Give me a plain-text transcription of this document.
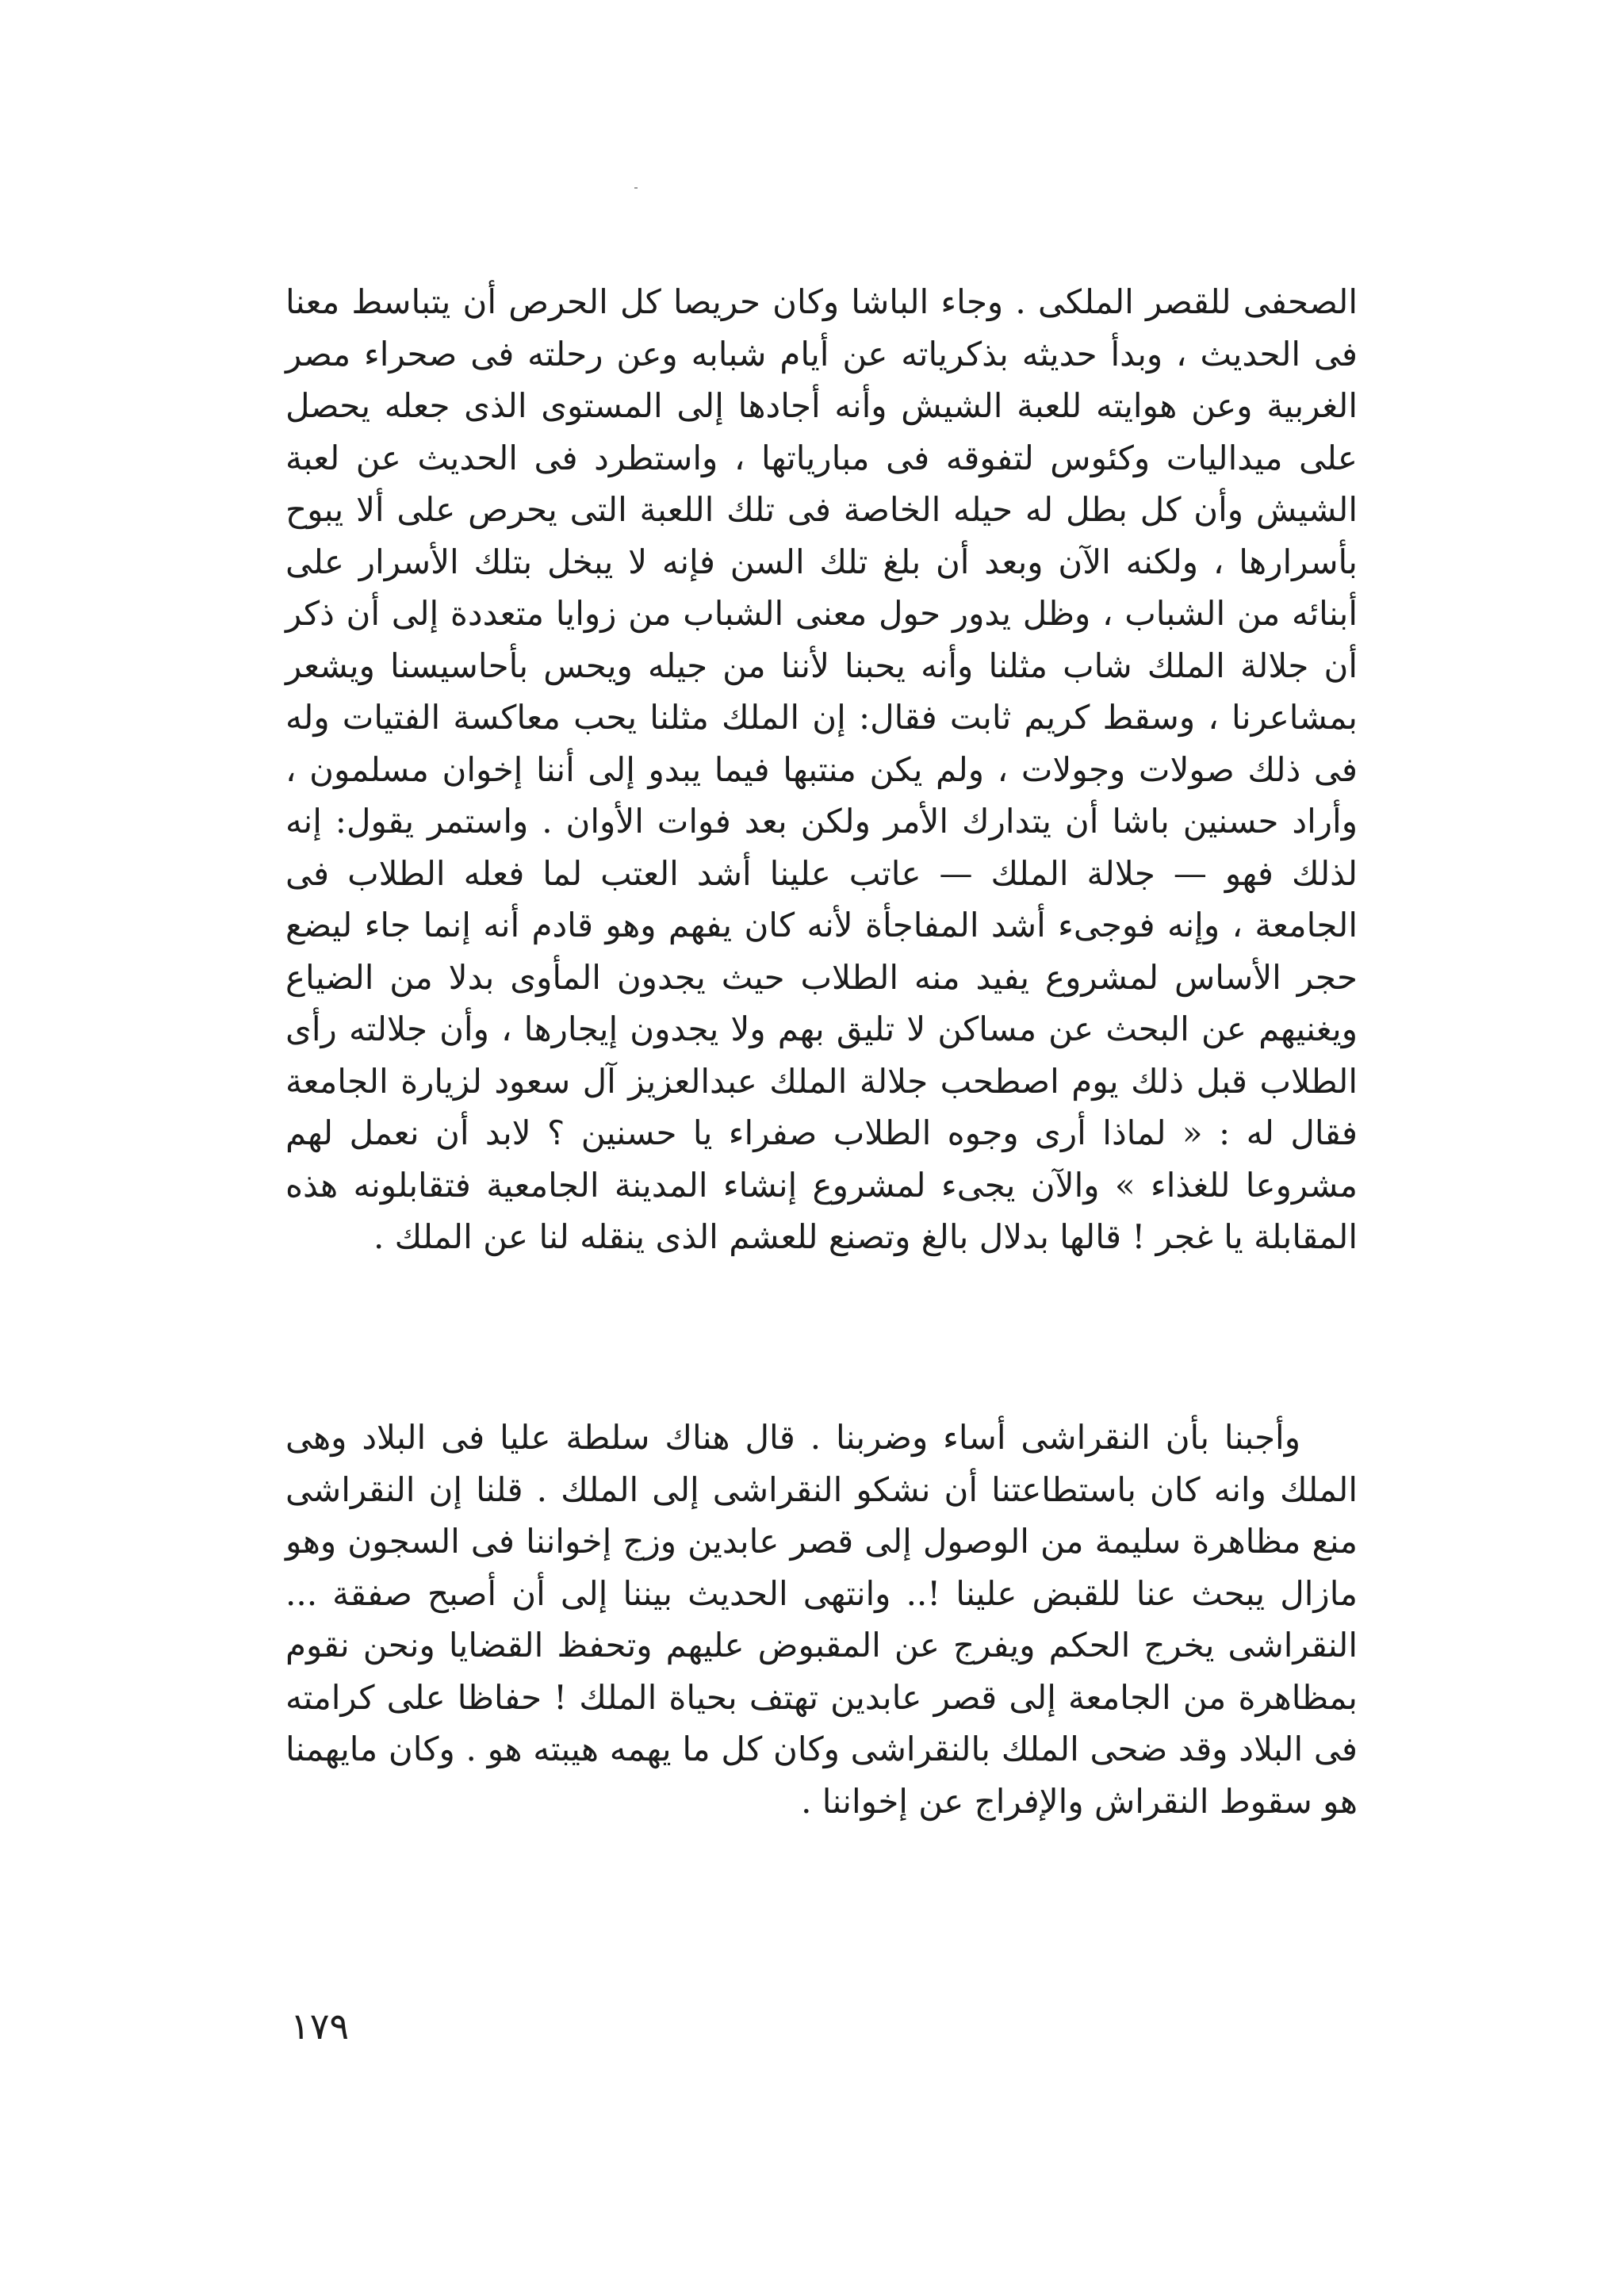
الصحفى للقصر الملكى . وجاء الباشا وكان حريصا كل الحرص أن يتباسط معنا فى الحديث ، وبدأ حديثه بذكرياته عن أيام شبابه وعن رحلته فى صحراء مصر الغربية وعن هوايته للعبة الشيش وأنه أجادها إلى المستوى الذى جعله يحصل على ميداليات وكئوس لتفوقه فى مبارياتها ، واستطرد فى الحديث عن لعبة الشيش وأن كل بطل له حيله الخاصة فى تلك اللعبة التى يحرص على ألا يبوح بأسرارها ، ولكنه الآن وبعد أن بلغ تلك السن فإنه لا يبخل بتلك الأسرار على أبنائه من الشباب ، وظل يدور حول معنى الشباب من زوايا متعددة إلى أن ذكر أن جلالة الملك شاب مثلنا وأنه يحبنا لأننا من جيله ويحس بأحاسيسنا ويشعر بمشاعرنا ، وسقط كريم ثابت فقال: إن الملك مثلنا يحب معاكسة الفتيات وله فى ذلك صولات وجولات ، ولم يكن منتبها فيما يبدو إلى أننا إخوان مسلمون ، وأراد حسنين باشا أن يتدارك الأمر ولكن بعد فوات الأوان . واستمر يقول: إنه لذلك فهو — جلالة الملك — عاتب علينا أشد العتب لما فعله الطلاب فى الجامعة ، وإنه فوجىء أشد المفاجأة لأنه كان يفهم وهو قادم أنه إنما جاء ليضع حجر الأساس لمشروع يفيد منه الطلاب حيث يجدون المأوى بدلا من الضياع ويغنيهم عن البحث عن مساكن لا تليق بهم ولا يجدون إيجارها ، وأن جلالته رأى الطلاب قبل ذلك يوم اصطحب جلالة الملك عبدالعزيز آل سعود لزيارة الجامعة فقال له : « لماذا أرى وجوه الطلاب صفراء يا حسنين ؟ لابد أن نعمل لهم مشروعا للغذاء » والآن يجىء لمشروع إنشاء المدينة الجامعية فتقابلونه هذه المقابلة يا غجر ! قالها بدلال بالغ وتصنع للعشم الذى ينقله لنا عن الملك .

وأجبنا بأن النقراشى أساء وضربنا . قال هناك سلطة عليا فى البلاد وهى الملك وانه كان باستطاعتنا أن نشكو النقراشى إلى الملك . قلنا إن النقراشى منع مظاهرة سليمة من الوصول إلى قصر عابدين وزج إخواننا فى السجون وهو مازال يبحث عنا للقبض علينا !.. وانتهى الحديث بيننا إلى أن أصبح صفقة ... النقراشى يخرج الحكم ويفرج عن المقبوض عليهم وتحفظ القضايا ونحن نقوم بمظاهرة من الجامعة إلى قصر عابدين تهتف بحياة الملك ! حفاظا على كرامته فى البلاد وقد ضحى الملك بالنقراشى وكان كل ما يهمه هيبته هو . وكان مايهمنا هو سقوط النقراش والإفراج عن إخواننا .

١٧٩
